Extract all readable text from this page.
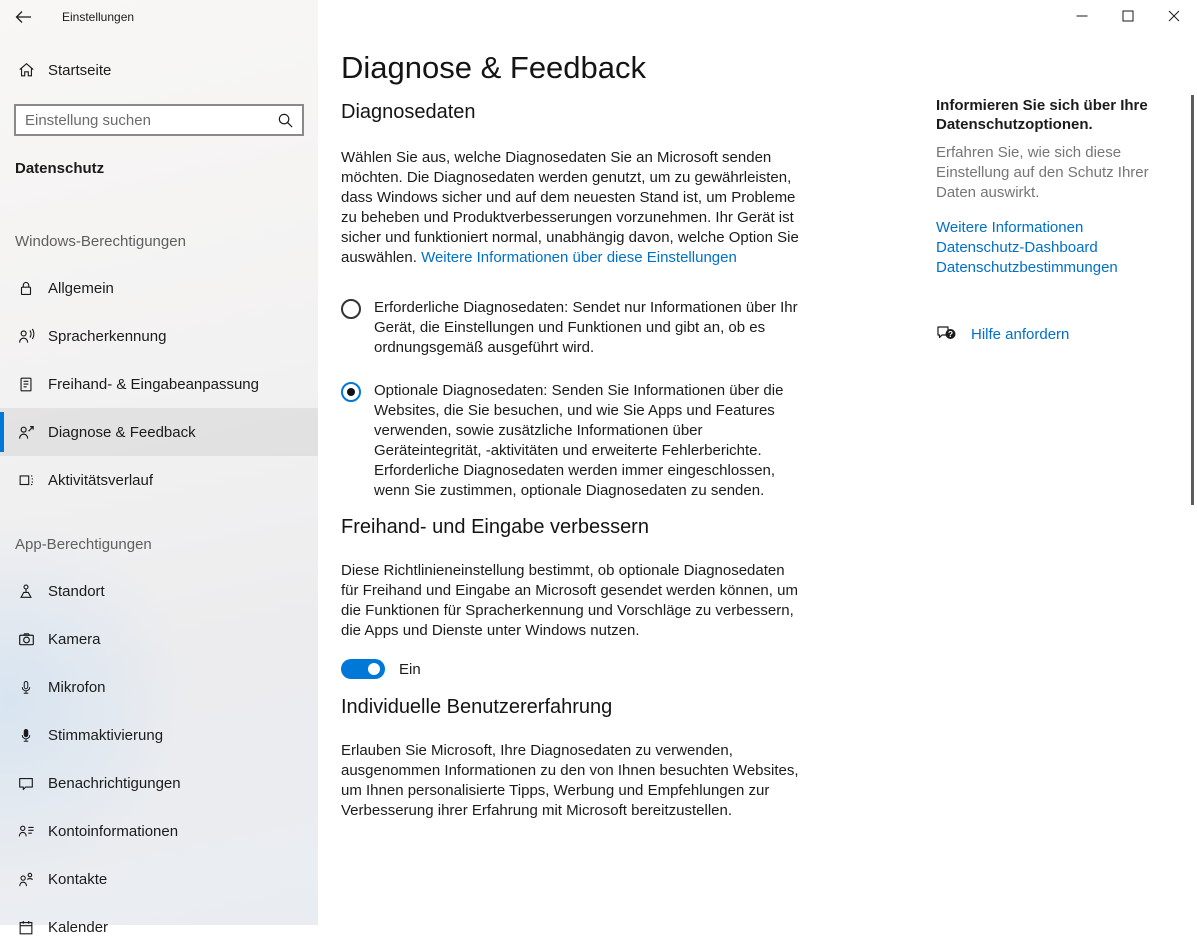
Einstellungen
Startseite
Einstellung suchen
Datenschutz
Windows-Berechtigungen
Allgemein
Spracherkennung
Freihand- & Eingabeanpassung
Diagnose & Feedback
Aktivitätsverlauf
App-Berechtigungen
Standort
Kamera
Mikrofon
Stimmaktivierung
Benachrichtigungen
Kontoinformationen
Kontakte
Kalender
Diagnose & Feedback
Diagnosedaten

Wählen Sie aus, welche Diagnosedaten Sie an Microsoft senden möchten. Die Diagnosedaten werden genutzt, um zu gewährleisten, dass Windows sicher und auf dem neuesten Stand ist, um Probleme zu beheben und Produktverbesserungen vorzunehmen. Ihr Gerät ist sicher und funktioniert normal, unabhängig davon, welche Option Sie auswählen. Weitere Informationen über diese Einstellungen

Erforderliche Diagnosedaten: Sendet nur Informationen über Ihr Gerät, die Einstellungen und Funktionen und gibt an, ob es ordnungsgemäß ausgeführt wird.
Optionale Diagnosedaten: Senden Sie Informationen über die Websites, die Sie besuchen, und wie Sie Apps und Features verwenden, sowie zusätzliche Informationen über Geräteintegrität, -aktivitäten und erweiterte Fehlerberichte. Erforderliche Diagnosedaten werden immer eingeschlossen, wenn Sie zustimmen, optionale Diagnosedaten zu senden.
Freihand- und Eingabe verbessern

Diese Richtlinieneinstellung bestimmt, ob optionale Diagnosedaten für Freihand und Eingabe an Microsoft gesendet werden können, um die Funktionen für Spracherkennung und Vorschläge zu verbessern, die Apps und Dienste unter Windows nutzen.

Ein
Individuelle Benutzererfahrung

Erlauben Sie Microsoft, Ihre Diagnosedaten zu verwenden, ausgenommen Informationen zu den von Ihnen besuchten Websites, um Ihnen personalisierte Tipps, Werbung und Empfehlungen zur Verbesserung ihrer Erfahrung mit Microsoft bereitzustellen.

Informieren Sie sich über Ihre Datenschutzoptionen.
Erfahren Sie, wie sich diese Einstellung auf den Schutz Ihrer Daten auswirkt.
Weitere Informationen
Datenschutz-Dashboard
Datenschutzbestimmungen
? Hilfe anfordern
